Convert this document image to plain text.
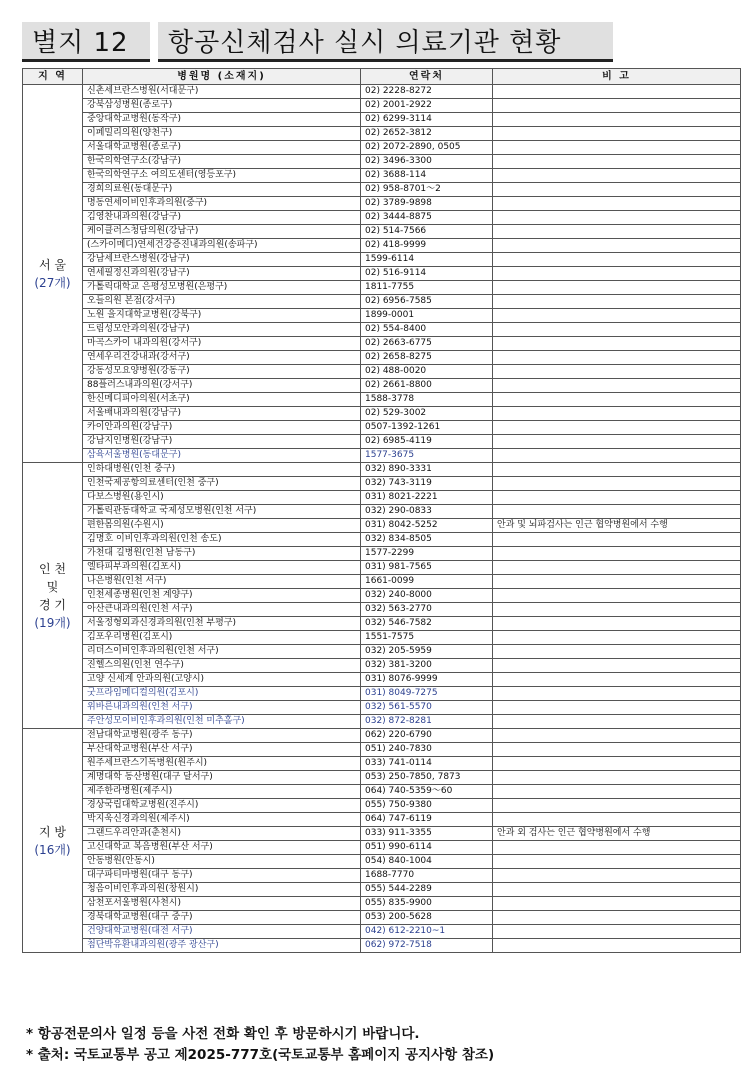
별지 12	항공신체검사 실시 의료기관 현황
지 역	병원명 (소재지)	연락처	비 고

서 울
(27개)	신촌세브란스병원(서대문구)	02) 2228-8272	
	강북삼성병원(종로구)	02) 2001-2922	
	중앙대학교병원(동작구)	02) 6299-3114	
	이페밀리의원(양천구)	02) 2652-3812	
	서울대학교병원(종로구)	02) 2072-2890, 0505	
	한국의학연구소(강남구)	02) 3496-3300	
	한국의학연구소 여의도센터(영등포구)	02) 3688-114	
	경희의료원(동대문구)	02) 958-8701～2	
	명동연세이비인후과의원(중구)	02) 3789-9898	
	김영찬내과의원(강남구)	02) 3444-8875	
	케이클러스청담의원(강남구)	02) 514-7566	
	(스카이메디)연세건강증진내과의원(송파구)	02) 418-9999	
	강남세브란스병원(강남구)	1599-6114	
	연세필정신과의원(강남구)	02) 516-9114	
	가톨릭대학교 은평성모병원(은평구)	1811-7755	
	오들의원 본점(강서구)	02) 6956-7585	
	노원 을지대학교병원(강북구)	1899-0001	
	드림성모안과의원(강남구)	02) 554-8400	
	마곡스카이 내과의원(강서구)	02) 2663-6775	
	연세우리건강내과(강서구)	02) 2658-8275	
	강동성모요양병원(강동구)	02) 488-0020	
	88플러스내과의원(강서구)	02) 2661-8800	
	한신메디피아의원(서초구)	1588-3778	
	서울배내과의원(강남구)	02) 529-3002	
	카이안과의원(강남구)	0507-1392-1261	
	강남지인병원(강남구)	02) 6985-4119	
	삼육서울병원(동대문구)	1577-3675	

인 천
및
경 기
(19개)	인하대병원(인천 중구)	032) 890-3331	
	인천국제공항의료센터(인천 중구)	032) 743-3119	
	다보스병원(용인시)	031) 8021-2221	
	가톨릭관동대학교 국제성모병원(인천 서구)	032) 290-0833	
	편한몸의원(수원시)	031) 8042-5252	안과 및 뇌파검사는 인근 협약병원에서 수행
	김명호 이비인후과의원(인천 송도)	032) 834-8505	
	가천대 길병원(인천 남동구)	1577-2299	
	엘타피부과의원(김포시)	031) 981-7565	
	나은병원(인천 서구)	1661-0099	
	인천세종병원(인천 계양구)	032) 240-8000	
	아산큰내과의원(인천 서구)	032) 563-2770	
	서울정형외과신경과의원(인천 부평구)	032) 546-7582	
	김포우리병원(김포시)	1551-7575	
	리더스이비인후과의원(인천 서구)	032) 205-5959	
	진헬스의원(인천 연수구)	032) 381-3200	
	고양 신세계 안과의원(고양시)	031) 8076-9999	
	굿프라임메디컬의원(김포시)	031) 8049-7275	
	위바른내과의원(인천 서구)	032) 561-5570	
	주안성모이비인후과의원(인천 미추홀구)	032) 872-8281	

지 방
(16개)	전남대학교병원(광주 동구)	062) 220-6790	
	부산대학교병원(부산 서구)	051) 240-7830	
	원주세브란스기독병원(원주시)	033) 741-0114	
	계명대학 동산병원(대구 달서구)	053) 250-7850, 7873	
	제주한라병원(제주시)	064) 740-5359～60	
	경상국립대학교병원(진주시)	055) 750-9380	
	박지욱신경과의원(제주시)	064) 747-6119	
	그랜드우리안과(춘천시)	033) 911-3355	안과 외 검사는 인근 협약병원에서 수행
	고신대학교 복음병원(부산 서구)	051) 990-6114	
	안동병원(안동시)	054) 840-1004	
	대구파티마병원(대구 동구)	1688-7770	
	청음이비인후과의원(창원시)	055) 544-2289	
	삼천포서울병원(사천시)	055) 835-9900	
	경북대학교병원(대구 중구)	053) 200-5628	
	건양대학교병원(대전 서구)	042) 612-2210~1	
	첨단박유환내과의원(광주 광산구)	062) 972-7518	
* 항공전문의사 일정 등을 사전 전화 확인 후 방문하시기 바랍니다.
* 출처: 국토교통부 공고 제2025-777호(국토교통부 홈페이지 공지사항 참조)
